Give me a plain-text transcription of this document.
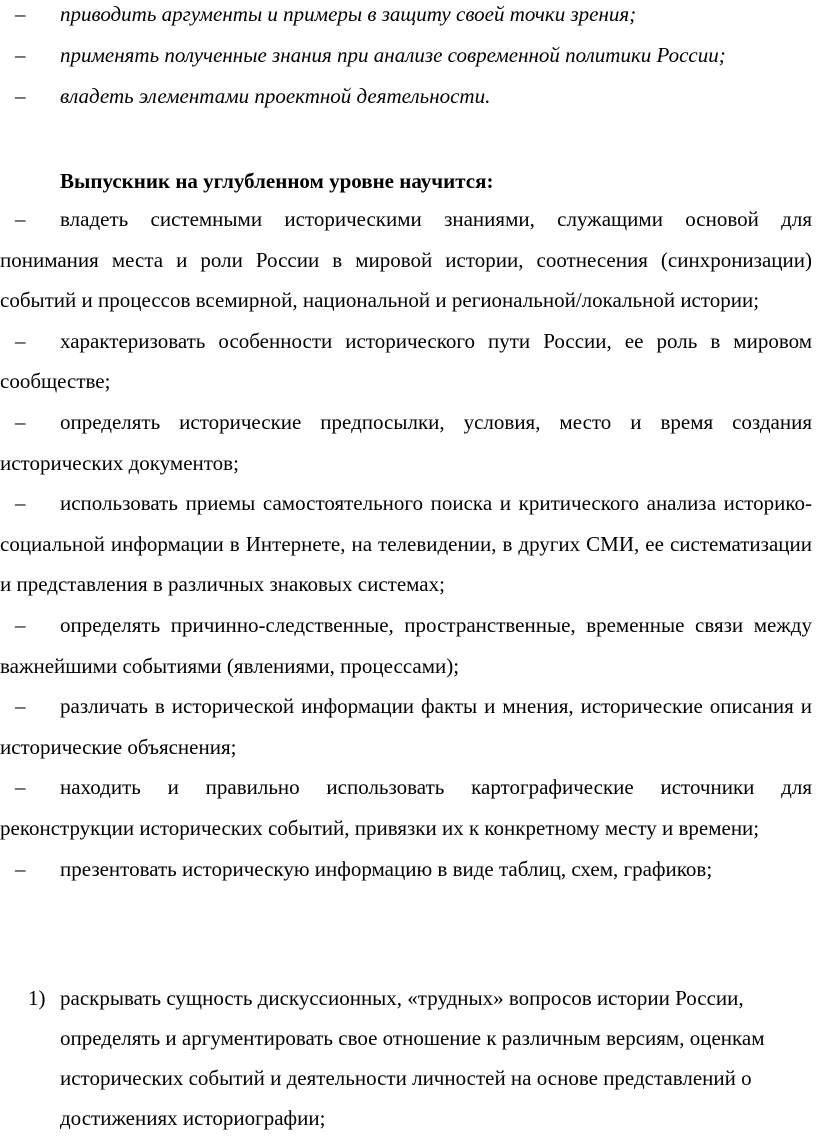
– приводить аргументы и примеры в защиту своей точки зрения;
– применять полученные знания при анализе современной политики России;
– владеть элементами проектной деятельности.
Выпускник на углубленном уровне научится:

– владеть системными историческими знаниями, служащими основой для понимания места и роли России в мировой истории, соотнесения (синхронизации) событий и процессов всемирной, национальной и региональной/локальной истории;

– характеризовать особенности исторического пути России, ее роль в мировом сообществе;

– определять исторические предпосылки, условия, место и время создания исторических документов;

– использовать приемы самостоятельного поиска и критического анализа историко-социальной информации в Интернете, на телевидении, в других СМИ, ее систематизации и представления в различных знаковых системах;

– определять причинно-следственные, пространственные, временные связи между важнейшими событиями (явлениями, процессами);

– различать в исторической информации факты и мнения, исторические описания и исторические объяснения;

– находить и правильно использовать картографические источники для реконструкции исторических событий, привязки их к конкретному месту и времени;

– презентовать историческую информацию в виде таблиц, схем, графиков;

1) раскрывать сущность дискуссионных, «трудных» вопросов истории России, определять и аргументировать свое отношение к различным версиям, оценкам исторических событий и деятельности личностей на основе представлений о достижениях историографии;
